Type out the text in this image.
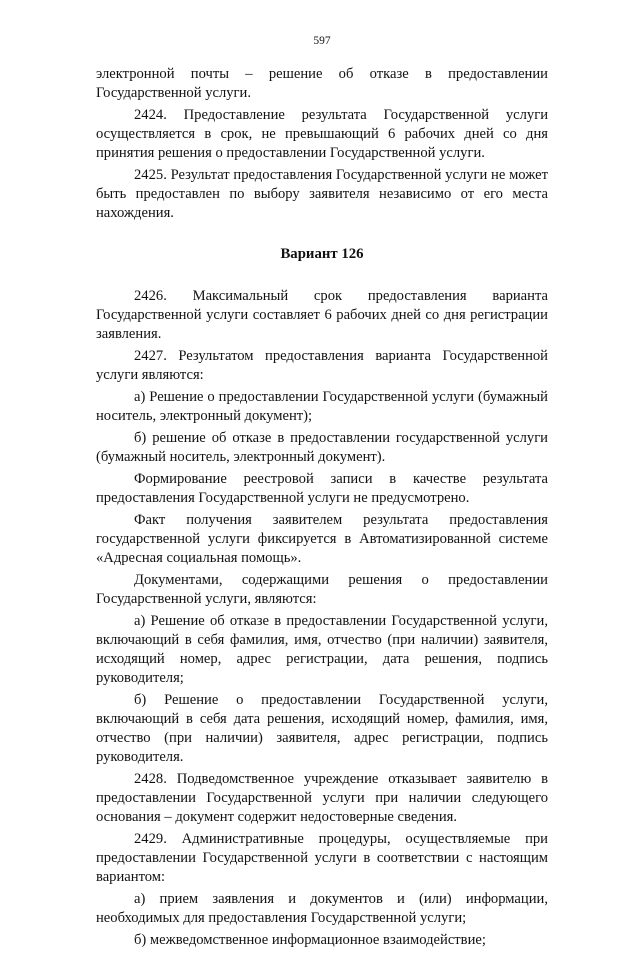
597

электронной почты – решение об отказе в предоставлении Государственной услуги.

2424. Предоставление результата Государственной услуги осуществляется в срок, не превышающий 6 рабочих дней со дня принятия решения о предоставлении Государственной услуги.

2425. Результат предоставления Государственной услуги не может быть предоставлен по выбору заявителя независимо от его места нахождения.

Вариант 126

2426. Максимальный срок предоставления варианта Государственной услуги составляет 6 рабочих дней со дня регистрации заявления.

2427. Результатом предоставления варианта Государственной услуги являются:

а) Решение о предоставлении Государственной услуги (бумажный носитель, электронный документ);

б) решение об отказе в предоставлении государственной услуги (бумажный носитель, электронный документ).

Формирование реестровой записи в качестве результата предоставления Государственной услуги не предусмотрено.

Факт получения заявителем результата предоставления государственной услуги фиксируется в Автоматизированной системе «Адресная социальная помощь».

Документами, содержащими решения о предоставлении Государственной услуги, являются:

а) Решение об отказе в предоставлении Государственной услуги, включающий в себя фамилия, имя, отчество (при наличии) заявителя, исходящий номер, адрес регистрации, дата решения, подпись руководителя;

б) Решение о предоставлении Государственной услуги, включающий в себя дата решения, исходящий номер, фамилия, имя, отчество (при наличии) заявителя, адрес регистрации, подпись руководителя.

2428. Подведомственное учреждение отказывает заявителю в предоставлении Государственной услуги при наличии следующего основания – документ содержит недостоверные сведения.

2429. Административные процедуры, осуществляемые при предоставлении Государственной услуги в соответствии с настоящим вариантом:

а) прием заявления и документов и (или) информации, необходимых для предоставления Государственной услуги;

б) межведомственное информационное взаимодействие;
